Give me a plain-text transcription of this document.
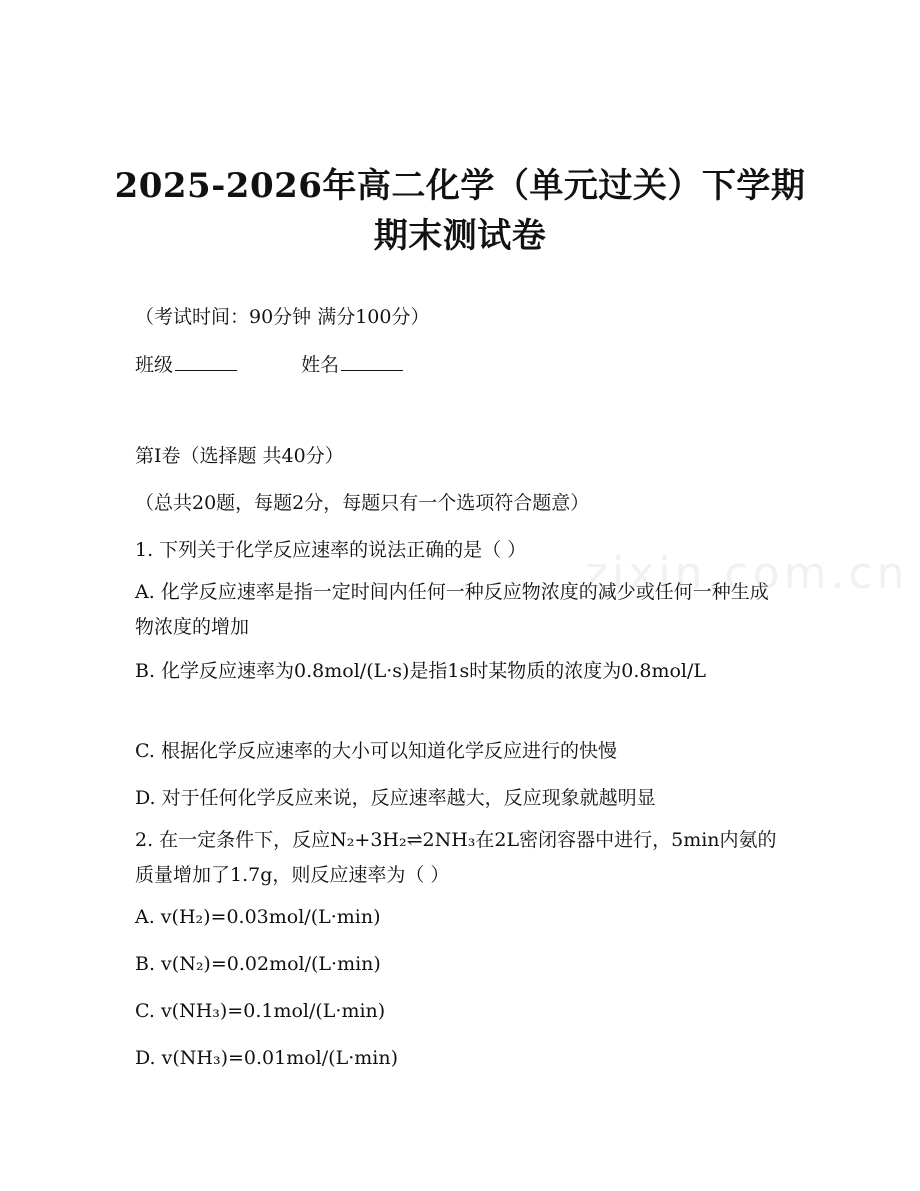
2025-2026年高二化学（单元过关）下学期
期末测试卷

（考试时间：90分钟 满分100分）

班级	姓名

第Ⅰ卷（选择题 共40分）

（总共20题，每题2分，每题只有一个选项符合题意）

1. 下列关于化学反应速率的说法正确的是（ ）

A. 化学反应速率是指一定时间内任何一种反应物浓度的减少或任何一种生成物浓度的增加

B. 化学反应速率为0.8mol/(L·s)是指1s时某物质的浓度为0.8mol/L

C. 根据化学反应速率的大小可以知道化学反应进行的快慢

D. 对于任何化学反应来说，反应速率越大，反应现象就越明显

2. 在一定条件下，反应N₂+3H₂⇌2NH₃在2L密闭容器中进行，5min内氨的质量增加了1.7g，则反应速率为（ ）

A. v(H₂)=0.03mol/(L·min)

B. v(N₂)=0.02mol/(L·min)

C. v(NH₃)=0.1mol/(L·min)

D. v(NH₃)=0.01mol/(L·min)

zixin.com.cn
